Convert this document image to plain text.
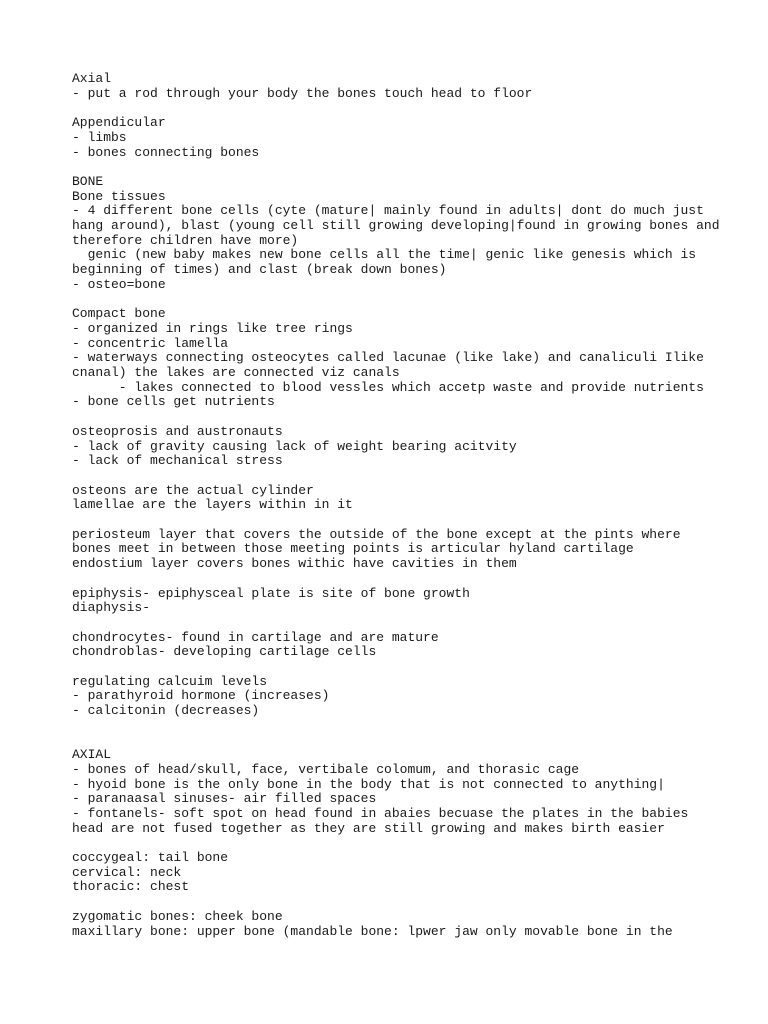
Axial
- put a rod through your body the bones touch head to floor
Appendicular
- limbs
- bones connecting bones
BONE
Bone tissues
- 4 different bone cells (cyte (mature| mainly found in adults| dont do much just
hang around), blast (young cell still growing developing|found in growing bones and
therefore children have more)
genic (new baby makes new bone cells all the time| genic like genesis which is
beginning of times) and clast (break down bones)
- osteo=bone
Compact bone
- organized in rings like tree rings
- concentric lamella
- waterways connecting osteocytes called lacunae (like lake) and canaliculi Ilike
cnanal) the lakes are connected viz canals
- lakes connected to blood vessles which accetp waste and provide nutrients
- bone cells get nutrients
osteoprosis and austronauts
- lack of gravity causing lack of weight bearing acitvity
- lack of mechanical stress
osteons are the actual cylinder
lamellae are the layers within in it
periosteum layer that covers the outside of the bone except at the pints where
bones meet in between those meeting points is articular hyland cartilage
endostium layer covers bones withic have cavities in them
epiphysis- epiphysceal plate is site of bone growth
diaphysis-
chondrocytes- found in cartilage and are mature
chondroblas- developing cartilage cells
regulating calcuim levels
- parathyroid hormone (increases)
- calcitonin (decreases)
AXIAL
- bones of head/skull, face, vertibale colomum, and thorasic cage
- hyoid bone is the only bone in the body that is not connected to anything|
- paranaasal sinuses- air filled spaces
- fontanels- soft spot on head found in abaies becuase the plates in the babies
head are not fused together as they are still growing and makes birth easier
coccygeal: tail bone
cervical: neck
thoracic: chest
zygomatic bones: cheek bone
maxillary bone: upper bone (mandable bone: lpwer jaw only movable bone in the
